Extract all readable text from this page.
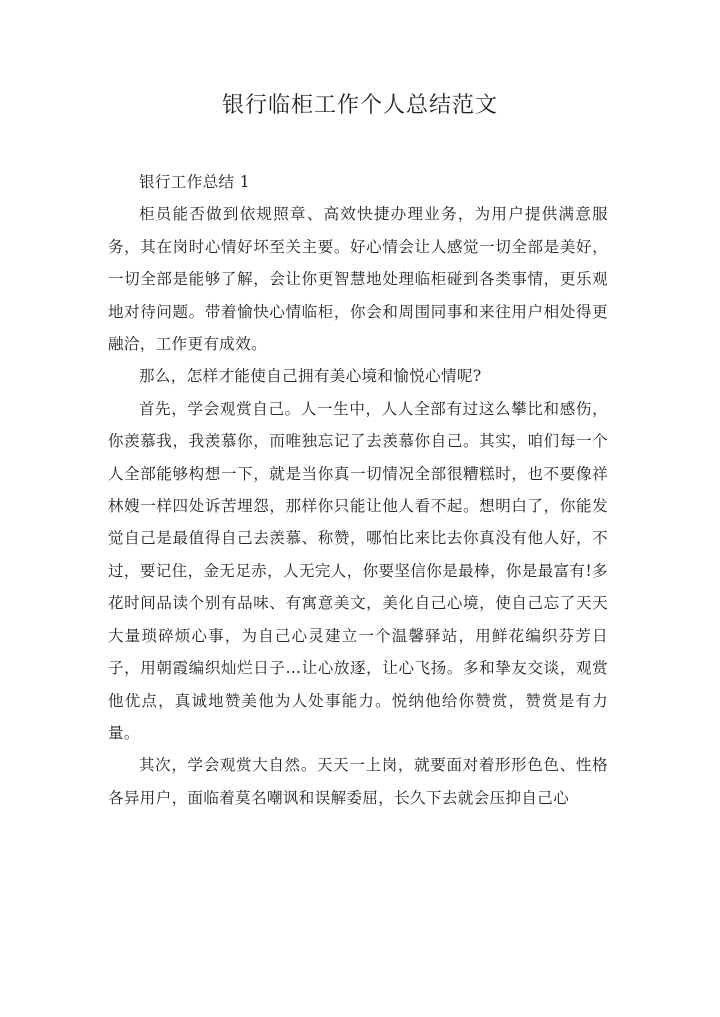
银行临柜工作个人总结范文

银行工作总结 1

柜员能否做到依规照章、高效快捷办理业务，为用户提供满意服务，其在岗时心情好坏至关主要。好心情会让人感觉一切全部是美好，一切全部是能够了解，会让你更智慧地处理临柜碰到各类事情，更乐观地对待问题。带着愉快心情临柜，你会和周围同事和来往用户相处得更融洽，工作更有成效。

那么，怎样才能使自己拥有美心境和愉悦心情呢?

首先，学会观赏自己。人一生中，人人全部有过这么攀比和感伤，你羡慕我，我羡慕你，而唯独忘记了去羡慕你自己。其实，咱们每一个人全部能够构想一下，就是当你真一切情况全部很糟糕时，也不要像祥林嫂一样四处诉苦埋怨，那样你只能让他人看不起。想明白了，你能发觉自己是最值得自己去羡慕、称赞，哪怕比来比去你真没有他人好，不过，要记住，金无足赤，人无完人，你要坚信你是最棒，你是最富有!多花时间品读个别有品味、有寓意美文，美化自己心境，使自己忘了天天大量琐碎烦心事，为自己心灵建立一个温馨驿站，用鲜花编织芬芳日子，用朝霞编织灿烂日子…让心放逐，让心飞扬。多和挚友交谈，观赏他优点，真诚地赞美他为人处事能力。悦纳他给你赞赏，赞赏是有力量。

其次，学会观赏大自然。天天一上岗，就要面对着形形色色、性格各异用户，面临着莫名嘲讽和误解委屈，长久下去就会压抑自己心
